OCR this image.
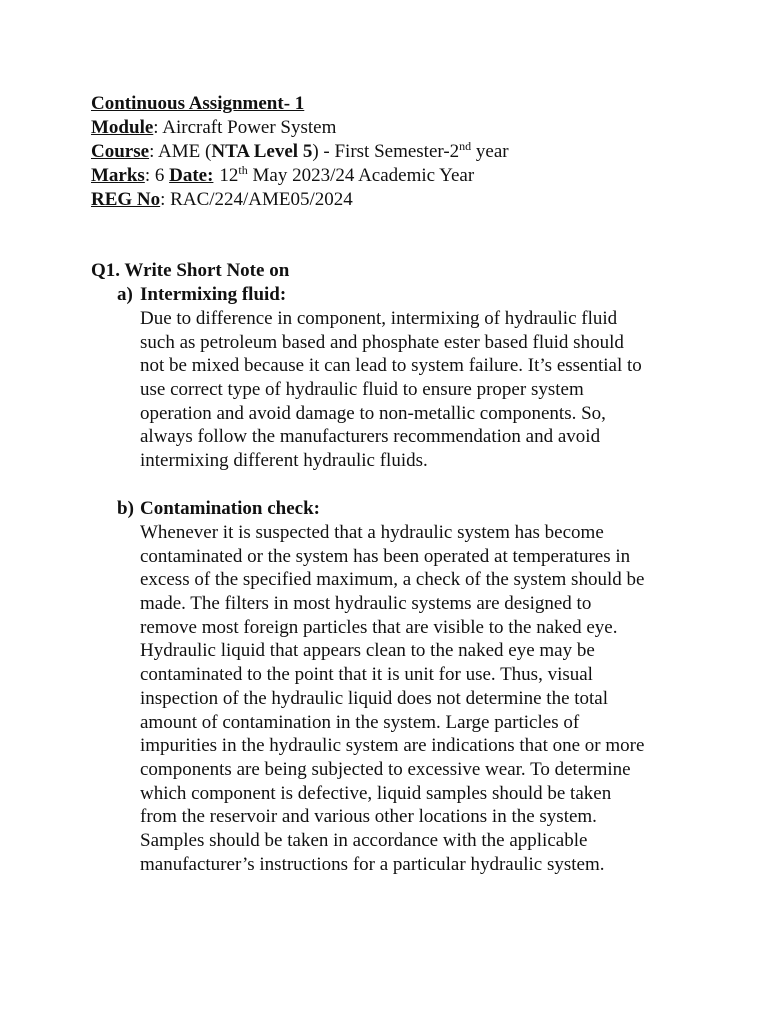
Continuous Assignment- 1
Module: Aircraft Power System
Course: AME (NTA Level 5) - First Semester-2nd year
Marks: 6 Date: 12th May 2023/24 Academic Year
REG No: RAC/224/AME05/2024
Q1. Write Short Note on
a) Intermixing fluid:
Due to difference in component, intermixing of hydraulic fluid
such as petroleum based and phosphate ester based fluid should
not be mixed because it can lead to system failure. It’s essential to
use correct type of hydraulic fluid to ensure proper system
operation and avoid damage to non-metallic components. So,
always follow the manufacturers recommendation and avoid
intermixing different hydraulic fluids.
b) Contamination check:
Whenever it is suspected that a hydraulic system has become
contaminated or the system has been operated at temperatures in
excess of the specified maximum, a check of the system should be
made. The filters in most hydraulic systems are designed to
remove most foreign particles that are visible to the naked eye.
Hydraulic liquid that appears clean to the naked eye may be
contaminated to the point that it is unit for use. Thus, visual
inspection of the hydraulic liquid does not determine the total
amount of contamination in the system. Large particles of
impurities in the hydraulic system are indications that one or more
components are being subjected to excessive wear. To determine
which component is defective, liquid samples should be taken
from the reservoir and various other locations in the system.
Samples should be taken in accordance with the applicable
manufacturer’s instructions for a particular hydraulic system.
